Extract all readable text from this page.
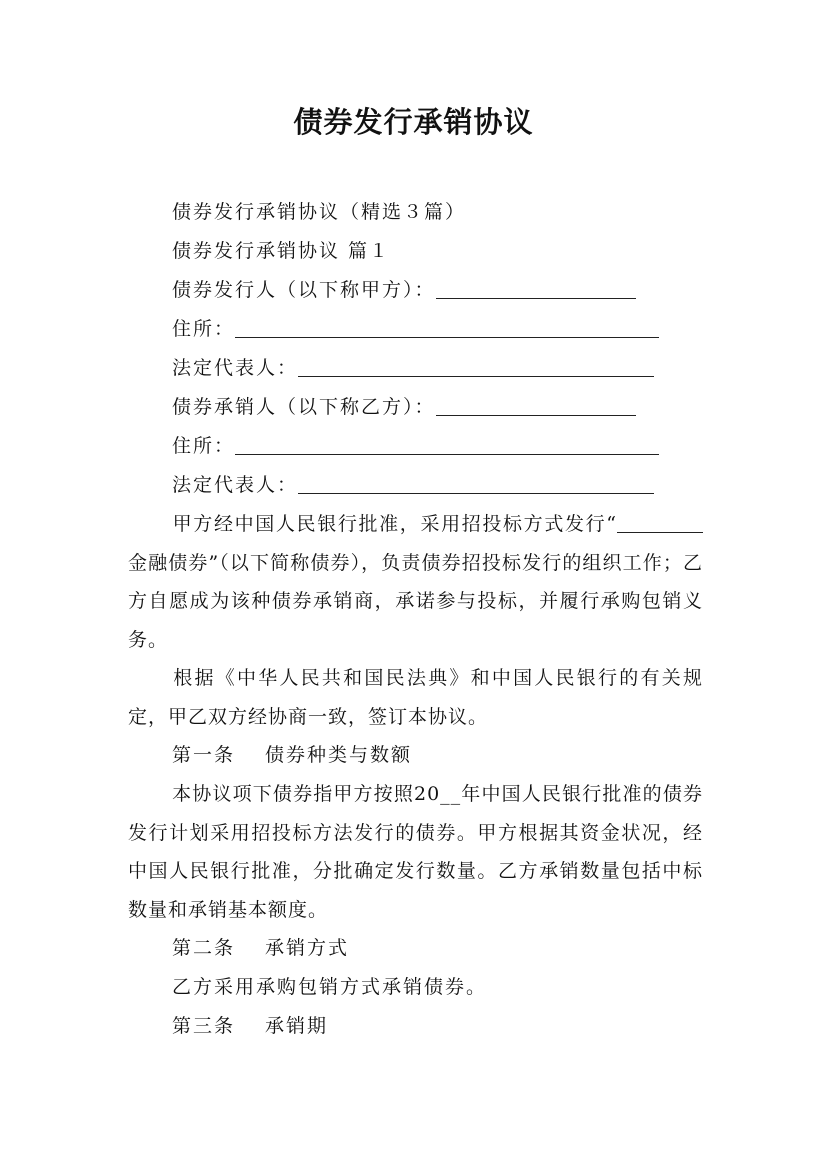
债券发行承销协议
债券发行承销协议（精选３篇）
债券发行承销协议 篇１
债券发行人（以下称甲方）：
住所：
法定代表人：
债券承销人（以下称乙方）：
住所：
法定代表人：
甲方经中国人民银行批准，采用招投标方式发行“金融债券”（以下简称债券），负责债券招投标发行的组织工作；乙方自愿成为该种债券承销商，承诺参与投标，并履行承购包销义务。
根据《中华人民共和国民法典》和中国人民银行的有关规定，甲乙双方经协商一致，签订本协议。
第一条 债券种类与数额
本协议项下债券指甲方按照20__年中国人民银行批准的债券发行计划采用招投标方法发行的债券。甲方根据其资金状况，经中国人民银行批准，分批确定发行数量。乙方承销数量包括中标数量和承销基本额度。
第二条 承销方式
乙方采用承购包销方式承销债券。
第三条 承销期
